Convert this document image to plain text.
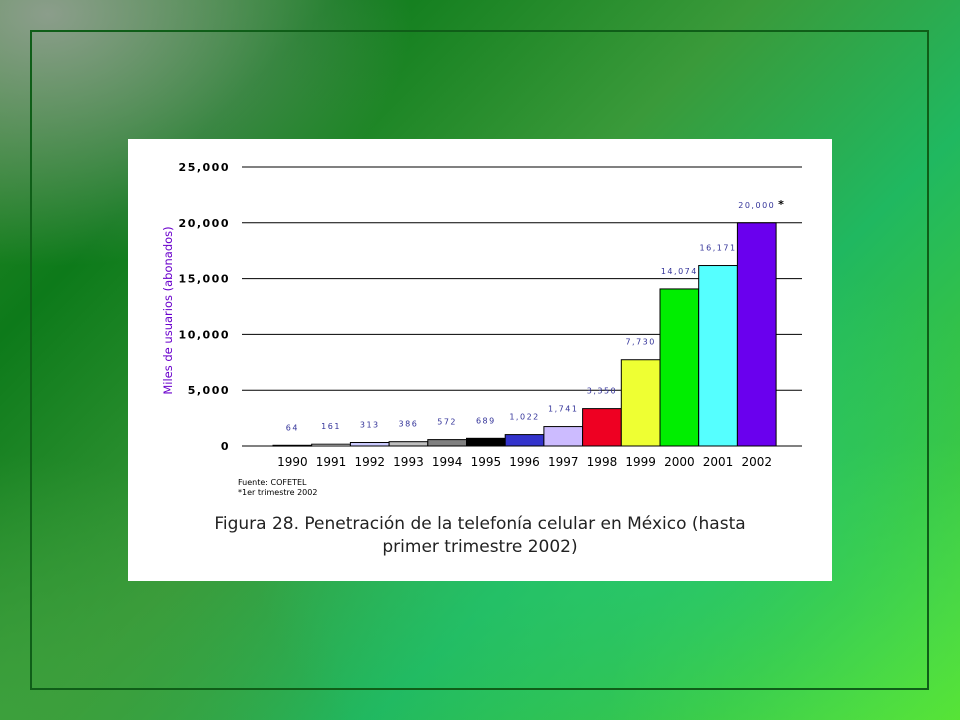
0
5,000
10,000
15,000
20,000
25,000
Miles de usuarios (abonados)
64
1990
161
1991
313
1992
386
1993
572
1994
689
1995
1,022
1996
1,741
1997
3,350
1998
7,730
1999
14,074
2000
16,171
2001
20,000
2002
*
Fuente: COFETEL
*1er trimestre 2002
Figura 28. Penetración de la telefonía celular en México (hasta
primer trimestre 2002)
